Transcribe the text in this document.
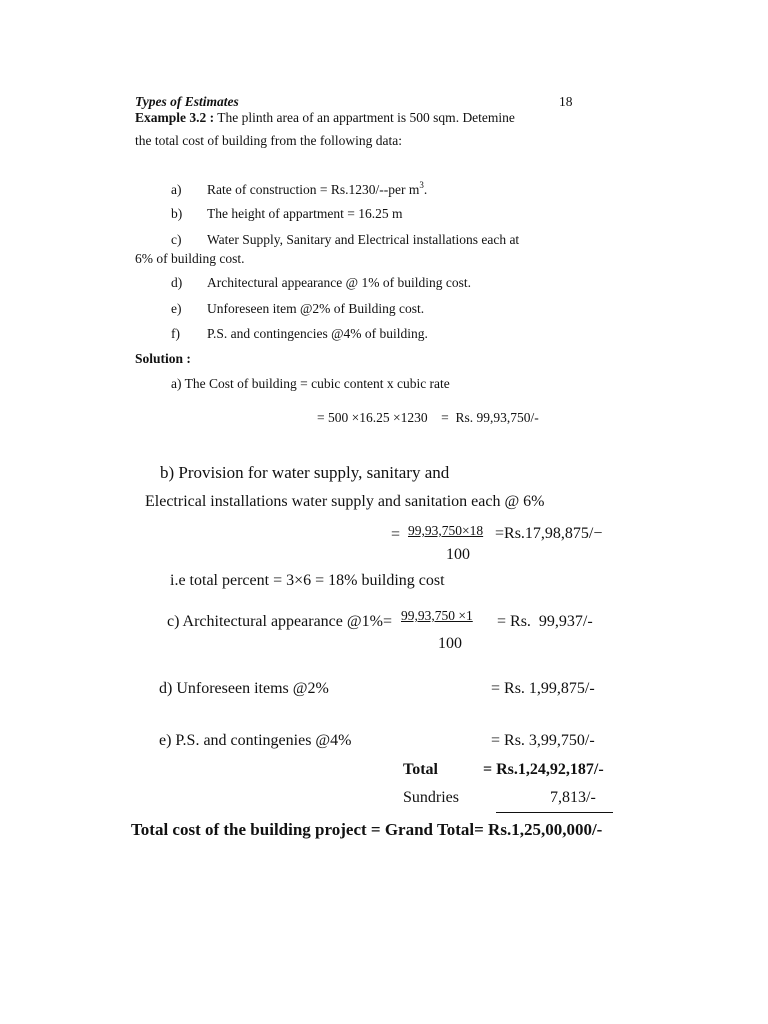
Types of Estimates	18
Example 3.2 : The plinth area of an appartment is 500 sqm. Detemine
the total cost of building from the following data:
a) Rate of construction = Rs.1230/--per $m^3$.
b) The height of appartment = 16.25 m
c) Water Supply, Sanitary and Electrical installations each at
6% of building cost.
d) Architectural appearance @ 1% of building cost.
e) Unforeseen item @2% of Building cost.
f) P.S. and contingencies @4% of building.
Solution :
a) The Cost of building = cubic content x cubic rate
= 500 ×16.25 ×1230    =  Rs. 99,93,750/-
b) Provision for water supply, sanitary and
Electrical installations water supply and sanitation each @ 6%
= 99,93,750×18 =Rs.17,98,875/−
100
i.e total percent = 3×6 = 18% building cost
c) Architectural appearance @1%= 99,93,750 ×1 = Rs.  99,937/-
100
d) Unforeseen items @2%	= Rs. 1,99,875/-
e) P.S. and contingenies @4%	= Rs. 3,99,750/-
Total	= Rs.1,24,92,187/-
Sundries	7,813/-
Total cost of the building project = Grand Total= Rs.1,25,00,000/-
